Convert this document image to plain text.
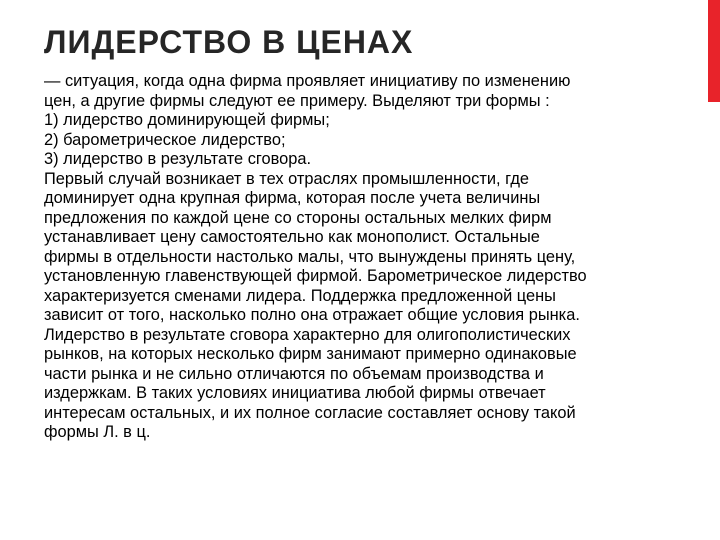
ЛИДЕРСТВО В ЦЕНАХ
— ситуация, когда одна фирма проявляет инициативу по изменению
цен, а другие фирмы следуют ее примеру. Выделяют три формы :
1) лидерство доминирующей фирмы;
2) барометрическое лидерство;
3) лидерство в результате сговора.
Первый случай возникает в тех отраслях промышленности, где
доминирует одна крупная фирма, которая после учета величины
предложения по каждой цене со стороны остальных мелких фирм
устанавливает цену самостоятельно как монополист. Остальные
фирмы в отдельности настолько малы, что вынуждены принять цену,
установленную главенствующей фирмой. Барометрическое лидерство
характеризуется сменами лидера. Поддержка предложенной цены
зависит от того, насколько полно она отражает общие условия рынка.
Лидерство в результате сговора характерно для олигополистических
рынков, на которых несколько фирм занимают примерно одинаковые
части рынка и не сильно отличаются по объемам производства и
издержкам. В таких условиях инициатива любой фирмы отвечает
интересам остальных, и их полное согласие составляет основу такой
формы Л. в ц.
